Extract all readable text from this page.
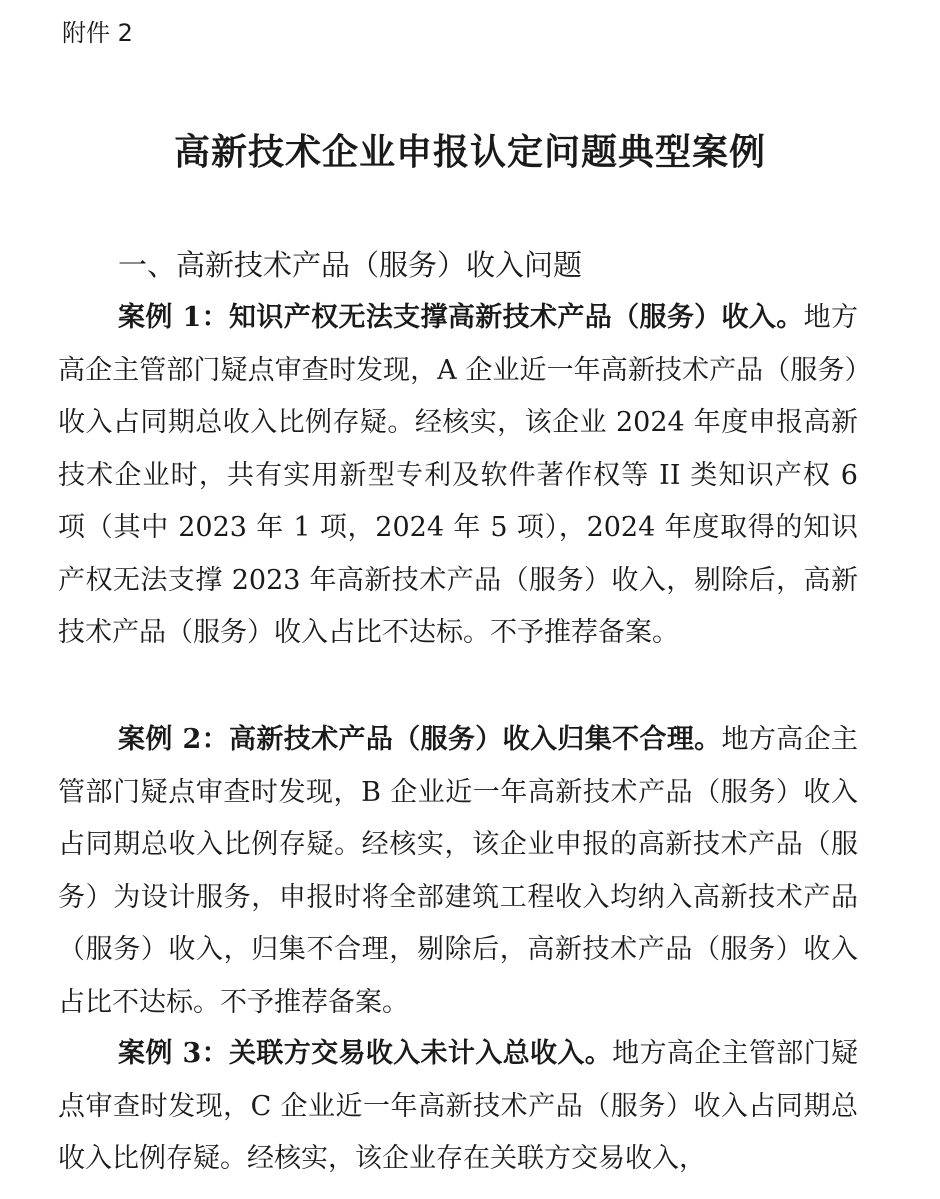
附件 2
高新技术企业申报认定问题典型案例
一、高新技术产品（服务）收入问题

案例 1：知识产权无法支撑高新技术产品（服务）收入。地方高企主管部门疑点审查时发现，A 企业近一年高新技术产品（服务）收入占同期总收入比例存疑。经核实，该企业 2024 年度申报高新技术企业时，共有实用新型专利及软件著作权等 II 类知识产权 6 项（其中 2023 年 1 项，2024 年 5 项），2024 年度取得的知识产权无法支撑 2023 年高新技术产品（服务）收入，剔除后，高新技术产品（服务）收入占比不达标。不予推荐备案。

案例 2：高新技术产品（服务）收入归集不合理。地方高企主管部门疑点审查时发现，B 企业近一年高新技术产品（服务）收入占同期总收入比例存疑。经核实，该企业申报的高新技术产品（服务）为设计服务，申报时将全部建筑工程收入均纳入高新技术产品（服务）收入，归集不合理，剔除后，高新技术产品（服务）收入占比不达标。不予推荐备案。

案例 3：关联方交易收入未计入总收入。地方高企主管部门疑点审查时发现，C 企业近一年高新技术产品（服务）收入占同期总收入比例存疑。经核实，该企业存在关联方交易收入，
